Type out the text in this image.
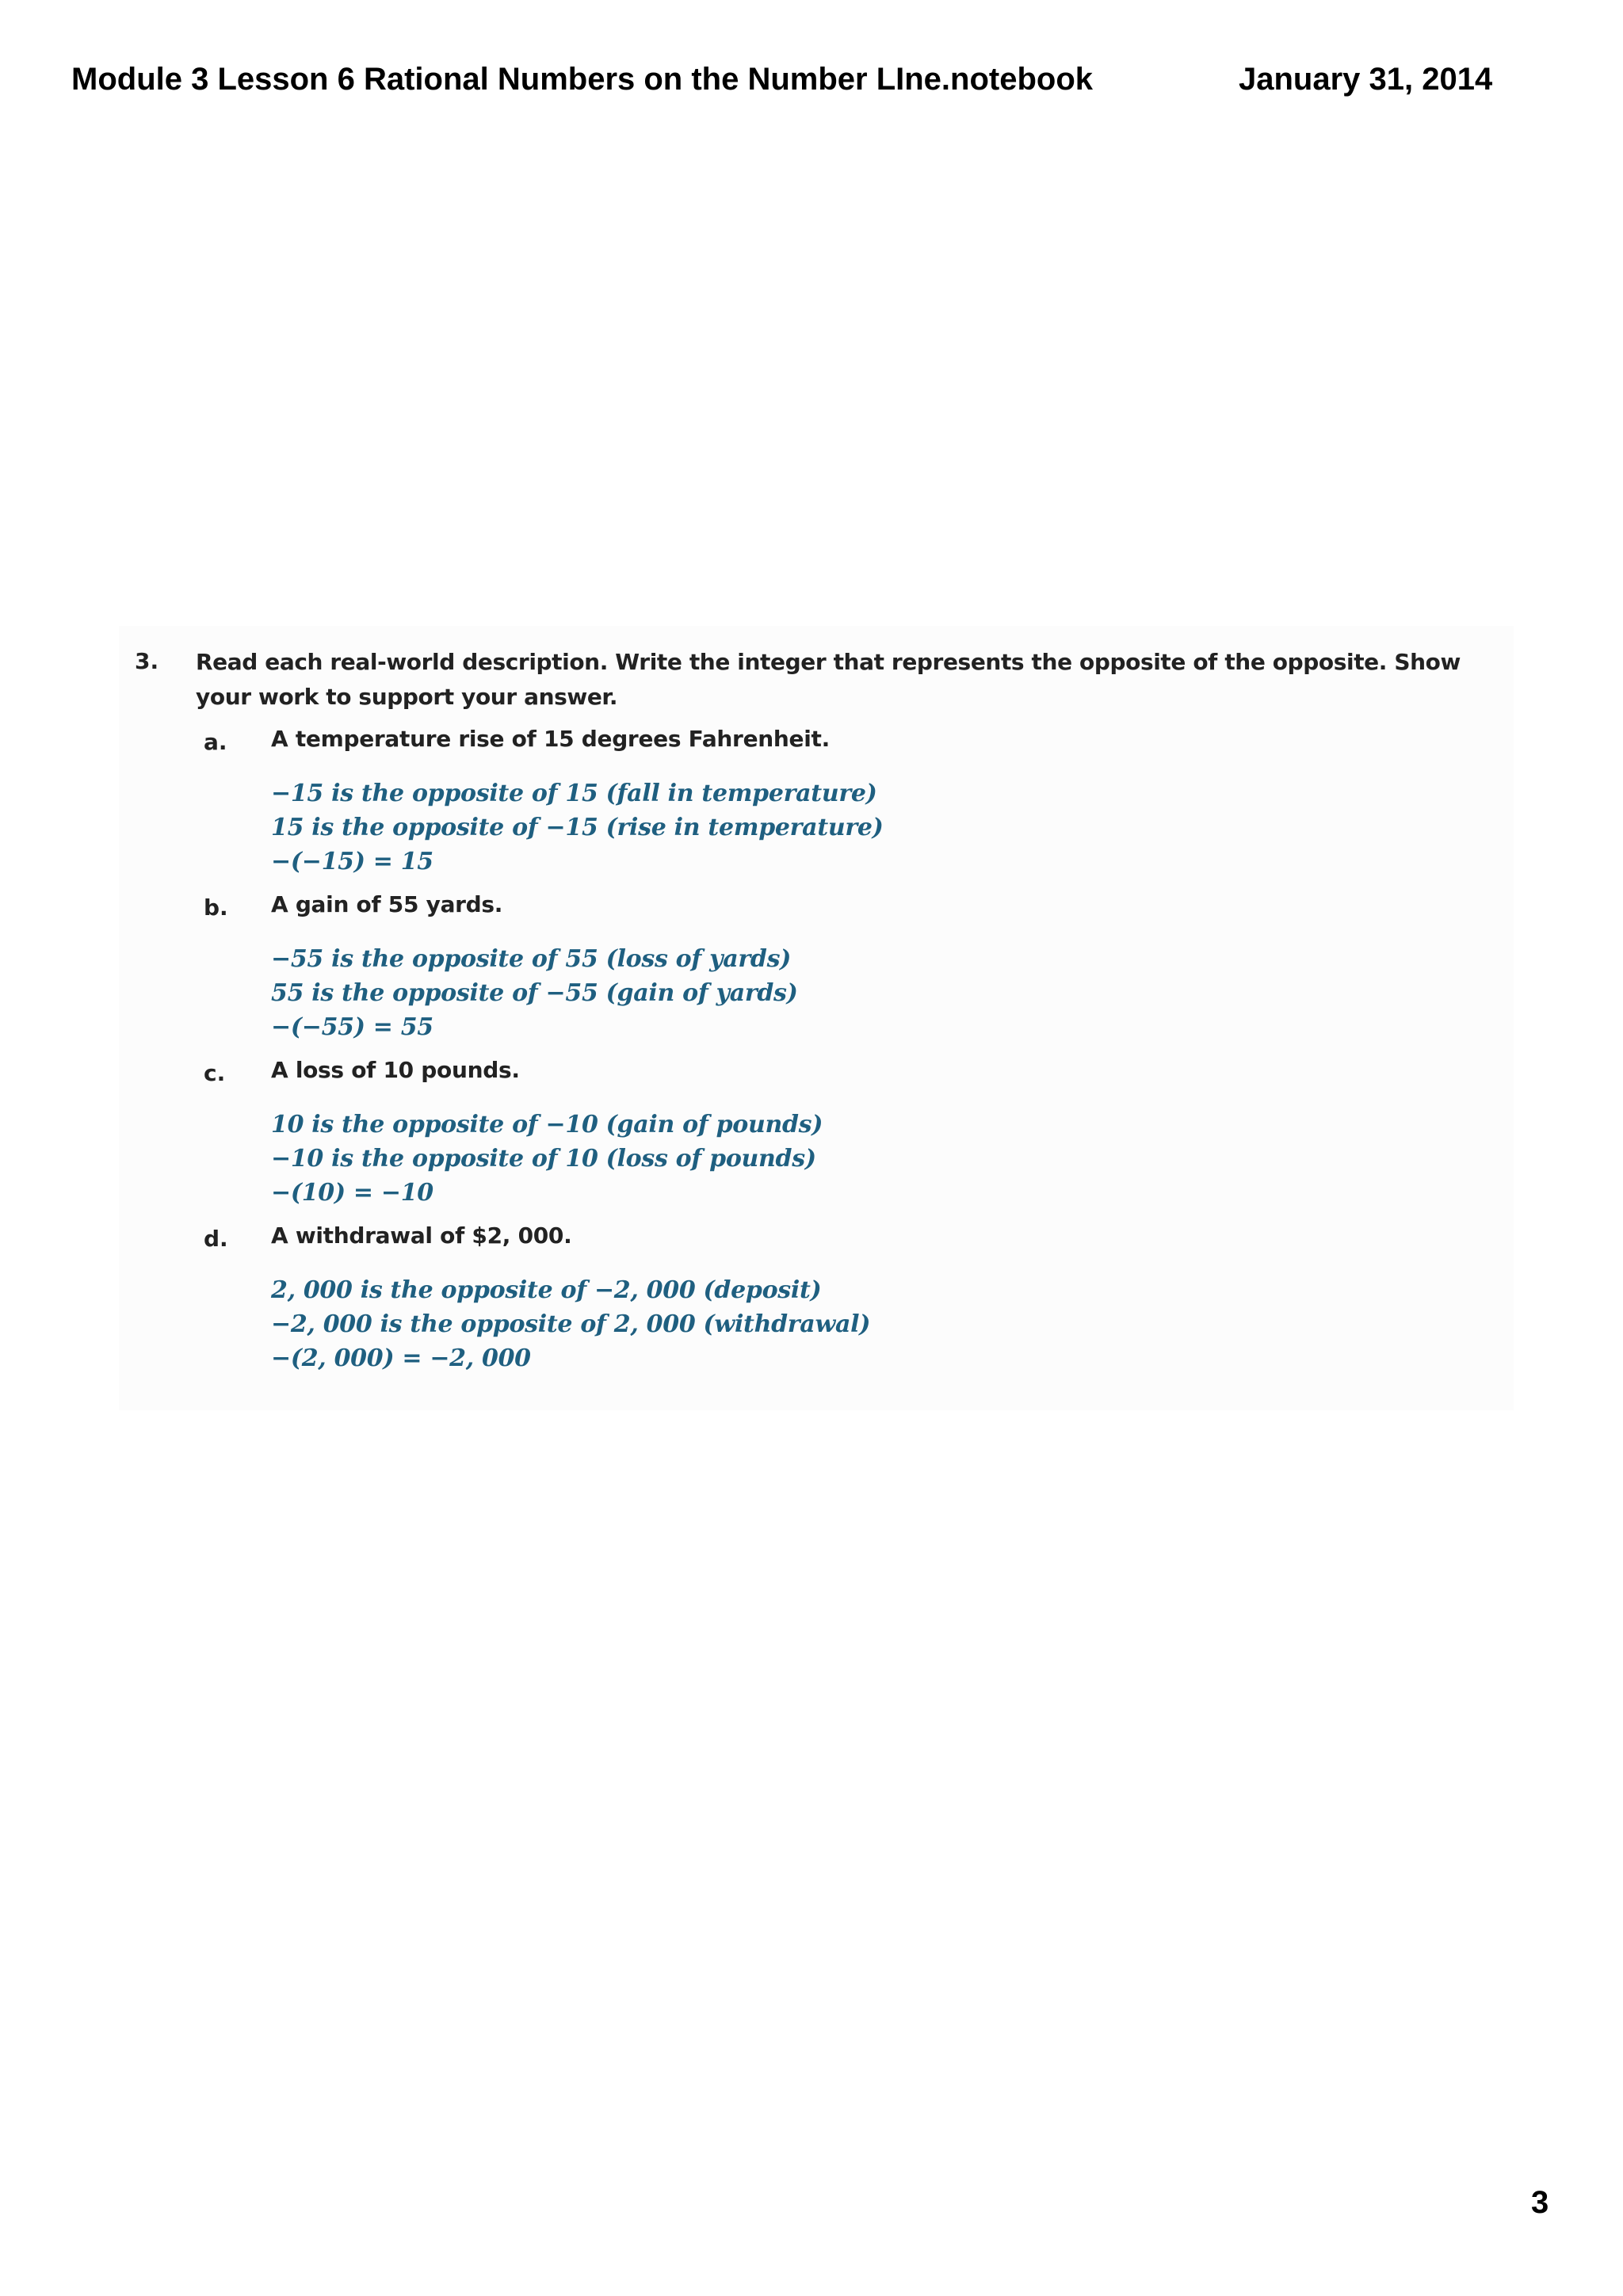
Module 3 Lesson 6 Rational Numbers on the Number LIne.notebook	January 31, 2014
3. Read each real-world description. Write the integer that represents the opposite of the opposite. Show your work to support your answer.
a. A temperature rise of 15 degrees Fahrenheit.
−15 is the opposite of 15 (fall in temperature)
15 is the opposite of −15 (rise in temperature)
−(−15) = 15
b. A gain of 55 yards.
−55 is the opposite of 55 (loss of yards)
55 is the opposite of −55 (gain of yards)
−(−55) = 55
c. A loss of 10 pounds.
10 is the opposite of −10 (gain of pounds)
−10 is the opposite of 10 (loss of pounds)
−(10) = −10
d. A withdrawal of $2, 000.
2, 000 is the opposite of −2, 000 (deposit)
−2, 000 is the opposite of 2, 000 (withdrawal)
−(2, 000) = −2, 000
3
